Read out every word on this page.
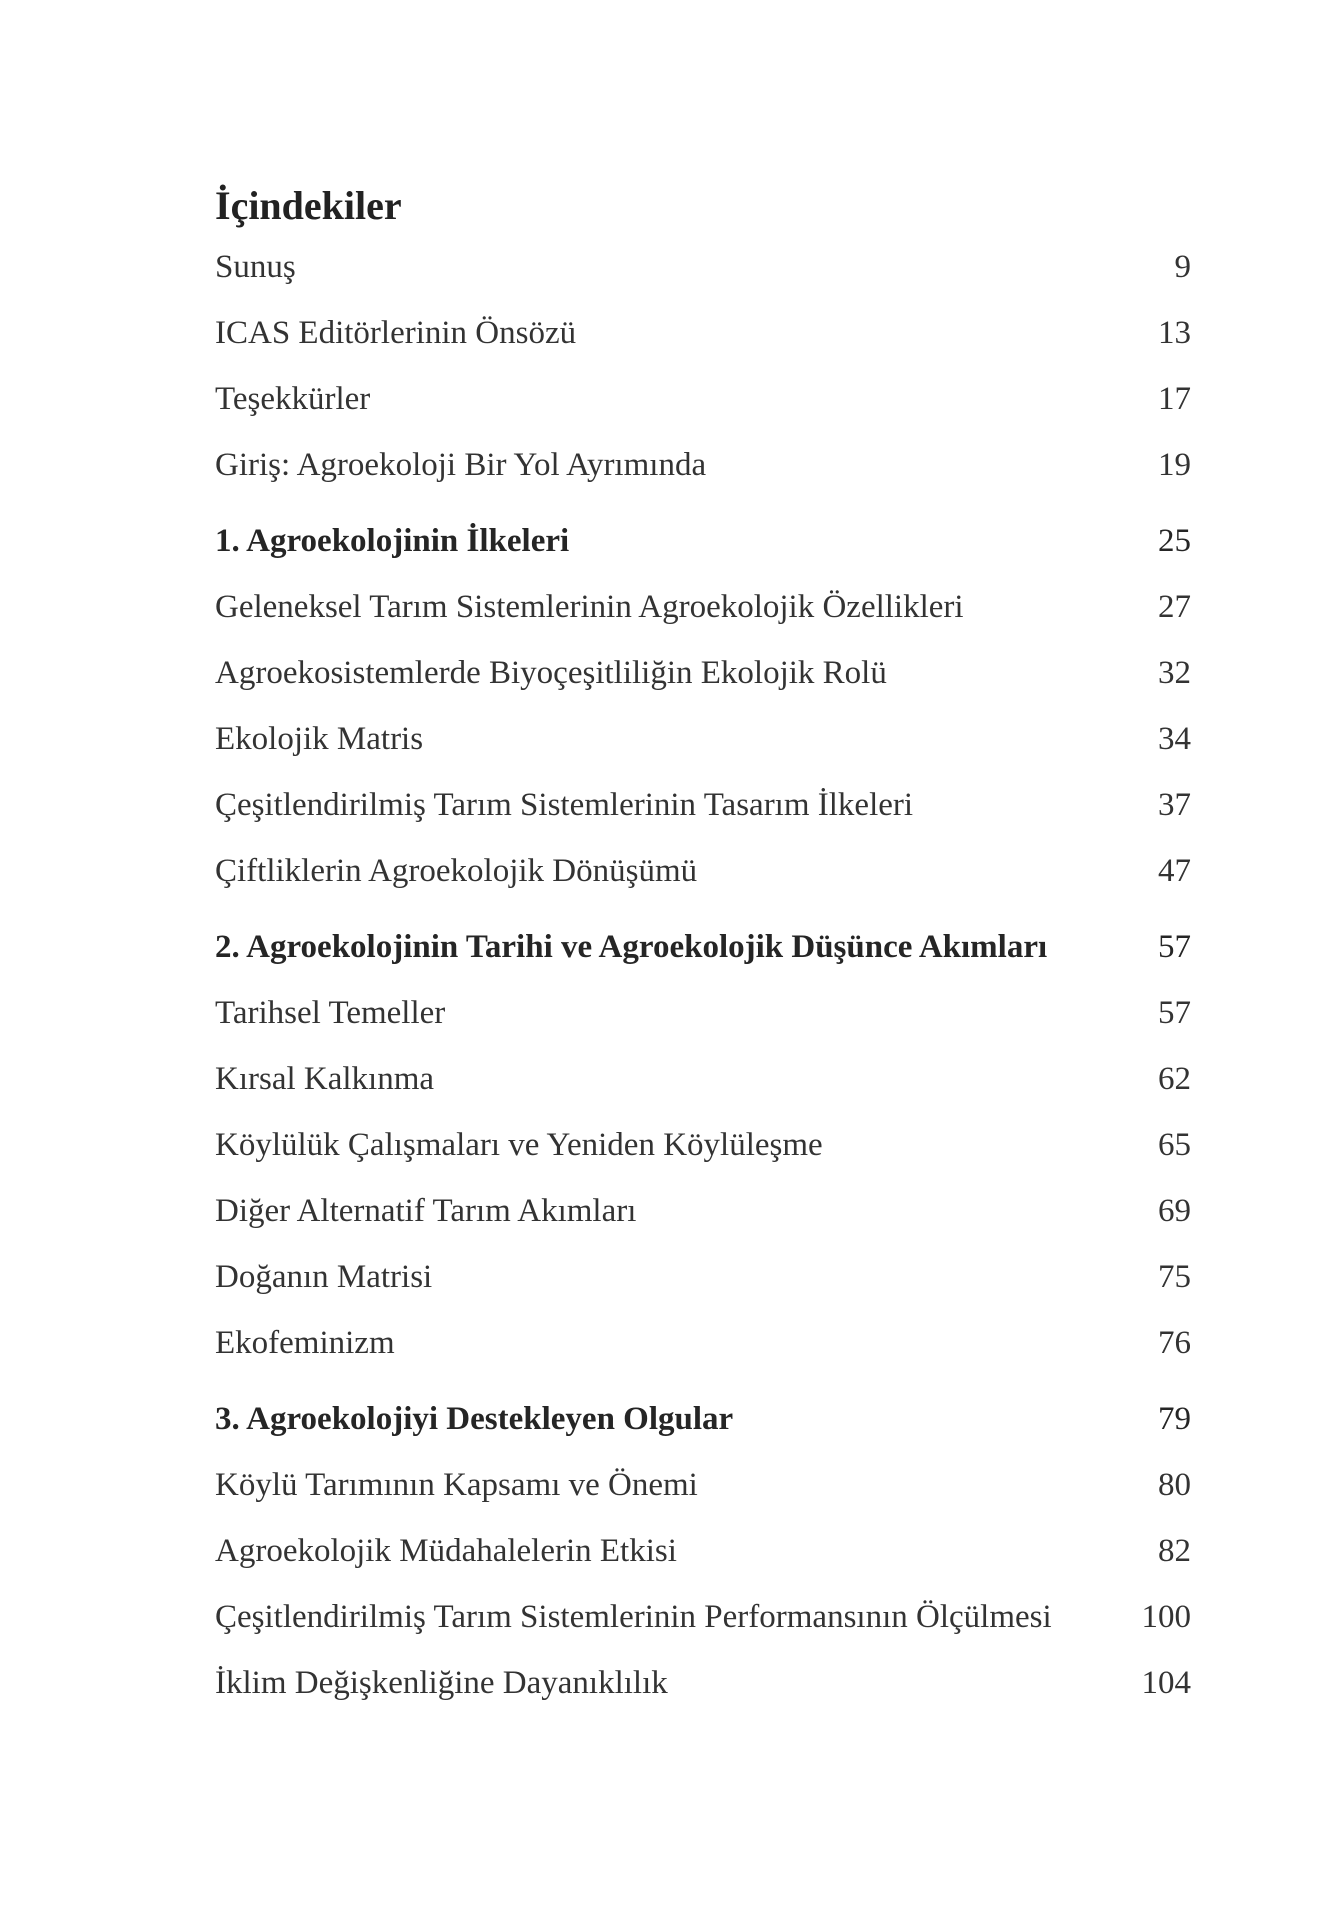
İçindekiler
Sunuş	9
ICAS Editörlerinin Önsözü	13
Teşekkürler	17
Giriş: Agroekoloji Bir Yol Ayrımında	19
1. Agroekolojinin İlkeleri	25
Geleneksel Tarım Sistemlerinin Agroekolojik Özellikleri	27
Agroekosistemlerde Biyoçeşitliliğin Ekolojik Rolü	32
Ekolojik Matris	34
Çeşitlendirilmiş Tarım Sistemlerinin Tasarım İlkeleri	37
Çiftliklerin Agroekolojik Dönüşümü	47
2. Agroekolojinin Tarihi ve Agroekolojik Düşünce Akımları	57
Tarihsel Temeller	57
Kırsal Kalkınma	62
Köylülük Çalışmaları ve Yeniden Köylüleşme	65
Diğer Alternatif Tarım Akımları	69
Doğanın Matrisi	75
Ekofeminizm	76
3. Agroekolojiyi Destekleyen Olgular	79
Köylü Tarımının Kapsamı ve Önemi	80
Agroekolojik Müdahalelerin Etkisi	82
Çeşitlendirilmiş Tarım Sistemlerinin Performansının Ölçülmesi	100
İklim Değişkenliğine Dayanıklılık	104
